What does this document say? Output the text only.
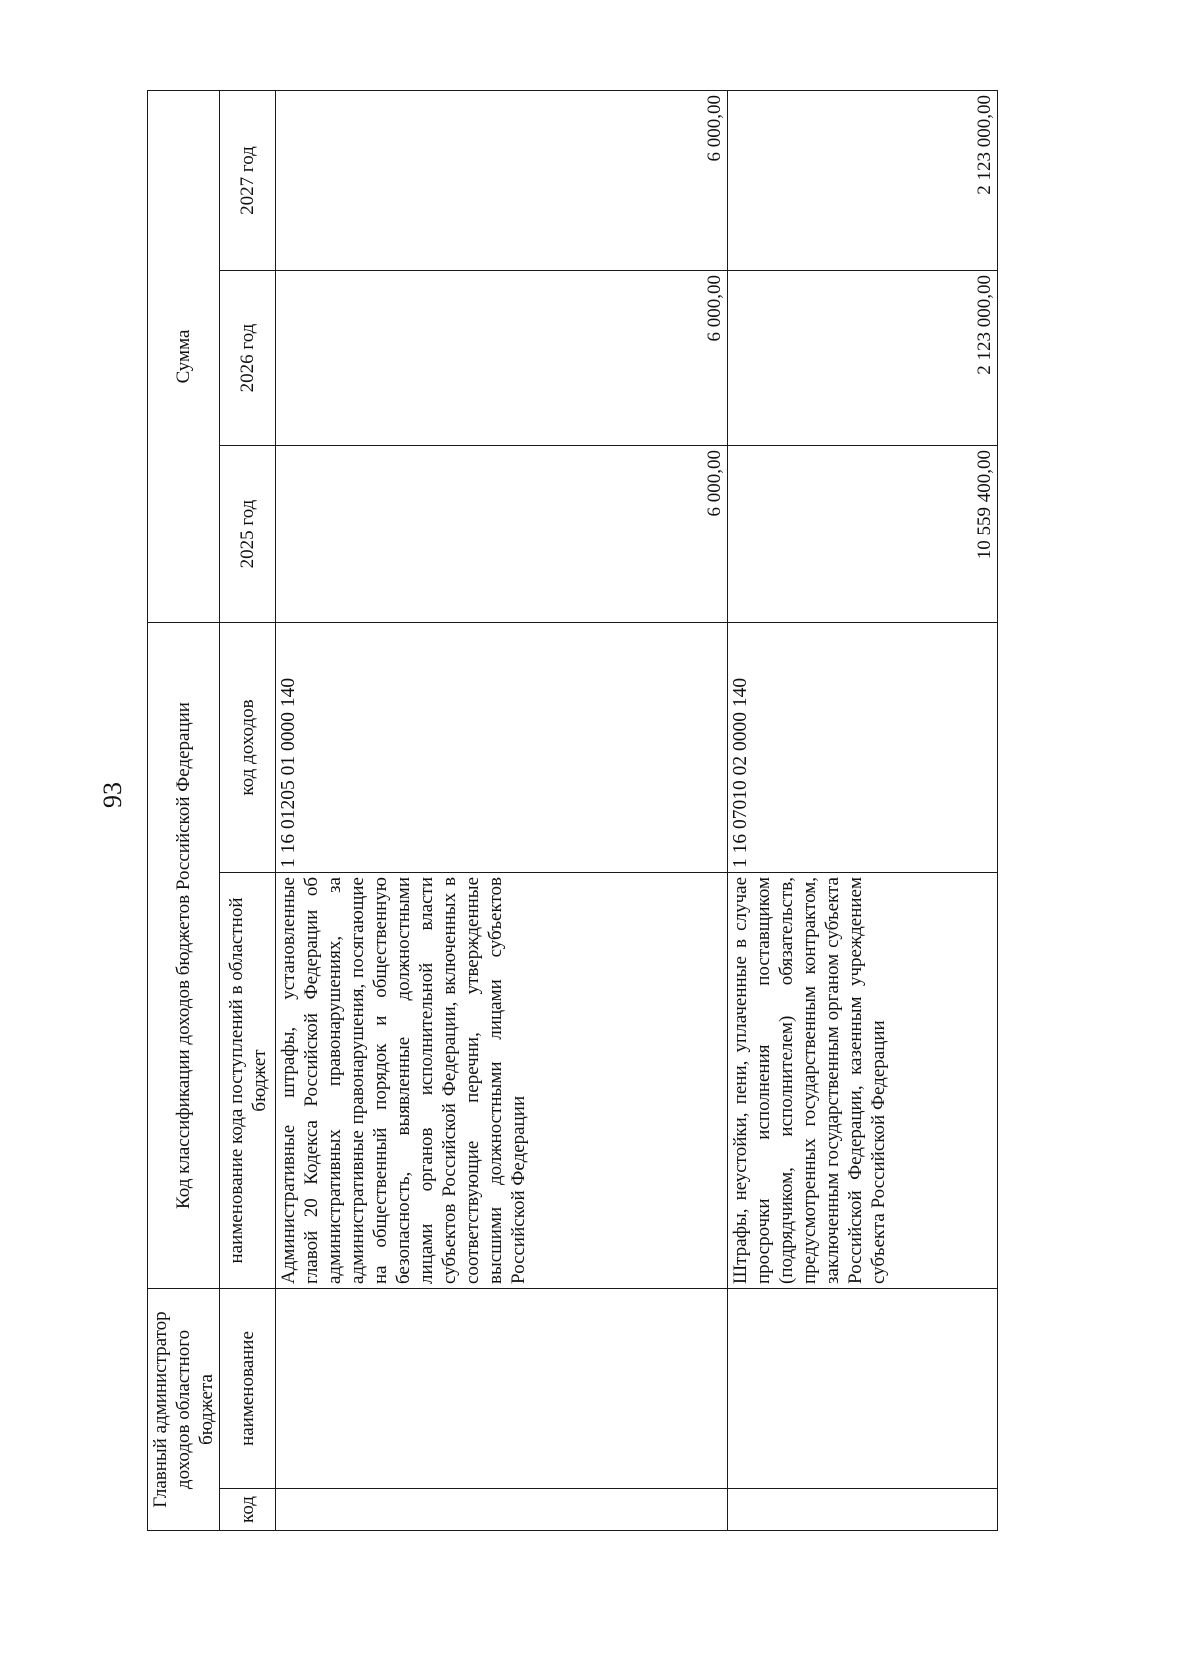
93
Главный администратор доходов областного бюджета		Код классификации доходов бюджетов Российской Федерации		Сумма		
код	наименование	наименование кода поступлений в областной бюджет	код доходов	2025 год	2026 год	2027 год
		Административные штрафы, установленные главой 20 Кодекса Российской Федерации об административных правонарушениях, за административные правонарушения, посягающие на общественный порядок и общественную безопасность, выявленные должностными лицами органов исполнительной власти субъектов Российской Федерации, включенных в соответствующие перечни, утвержденные высшими должностными лицами субъектов Российской Федерации	1 16 01205 01 0000 140	6 000,00	6 000,00	6 000,00
		Штрафы, неустойки, пени, уплаченные в случае просрочки исполнения поставщиком (подрядчиком, исполнителем) обязательств, предусмотренных государственным контрактом, заключенным государственным органом субъекта Российской Федерации, казенным учреждением субъекта Российской Федерации	1 16 07010 02 0000 140	10 559 400,00	2 123 000,00	2 123 000,00
